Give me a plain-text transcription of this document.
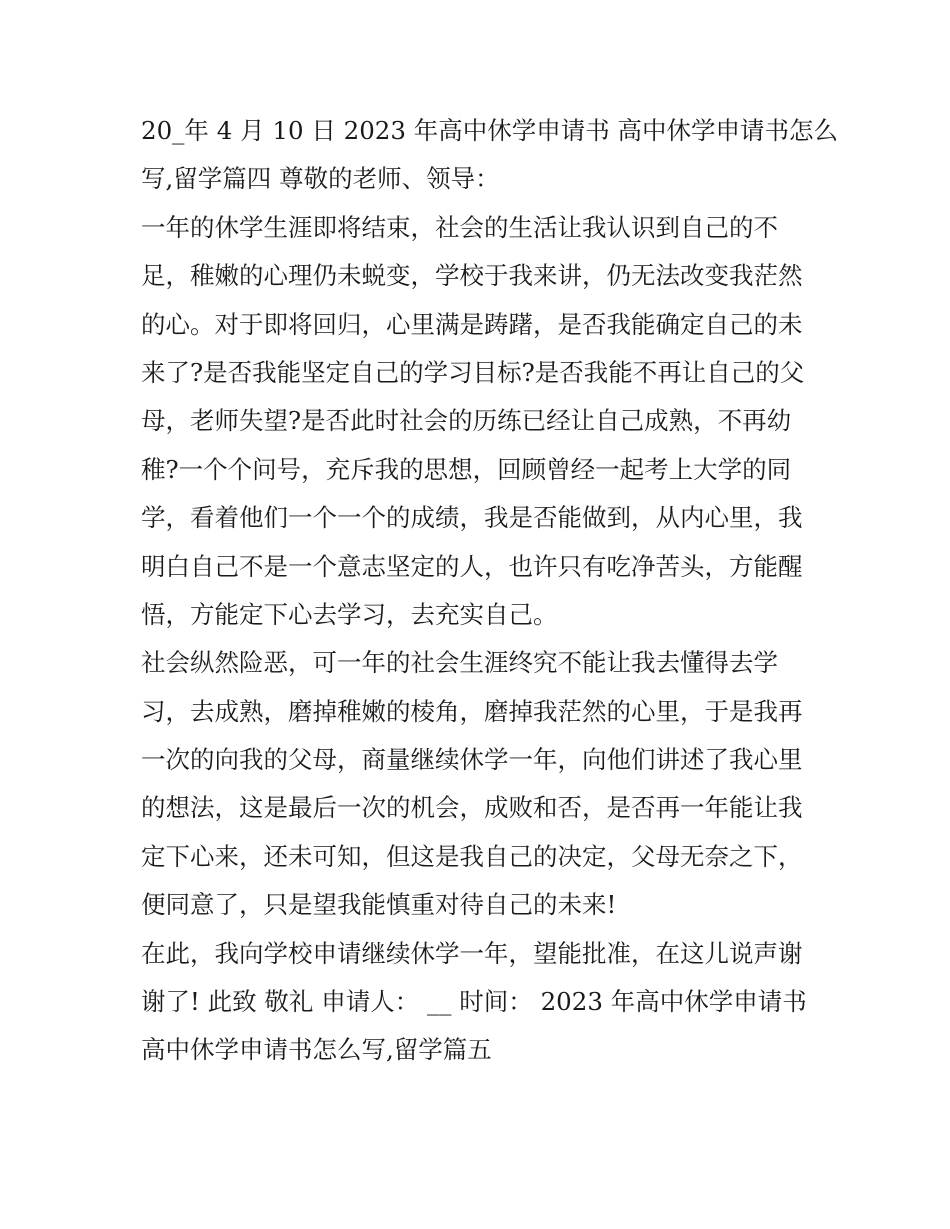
20_年 4 月 10 日 2023 年高中休学申请书 高中休学申请书怎么
写,留学篇四 尊敬的老师、领导：
一年的休学生涯即将结束，社会的生活让我认识到自己的不
足，稚嫩的心理仍未蜕变，学校于我来讲，仍无法改变我茫然
的心。对于即将回归，心里满是踌躇，是否我能确定自己的未
来了?是否我能坚定自己的学习目标?是否我能不再让自己的父
母，老师失望?是否此时社会的历练已经让自己成熟，不再幼
稚?一个个问号，充斥我的思想，回顾曾经一起考上大学的同
学，看着他们一个一个的成绩，我是否能做到，从内心里，我
明白自己不是一个意志坚定的人，也许只有吃净苦头，方能醒
悟，方能定下心去学习，去充实自己。
社会纵然险恶，可一年的社会生涯终究不能让我去懂得去学
习，去成熟，磨掉稚嫩的棱角，磨掉我茫然的心里，于是我再
一次的向我的父母，商量继续休学一年，向他们讲述了我心里
的想法，这是最后一次的机会，成败和否，是否再一年能让我
定下心来，还未可知，但这是我自己的决定，父母无奈之下，
便同意了，只是望我能慎重对待自己的未来!
在此，我向学校申请继续休学一年，望能批准，在这儿说声谢
谢了! 此致 敬礼 申请人： __ 时间： 2023 年高中休学申请书
高中休学申请书怎么写,留学篇五
